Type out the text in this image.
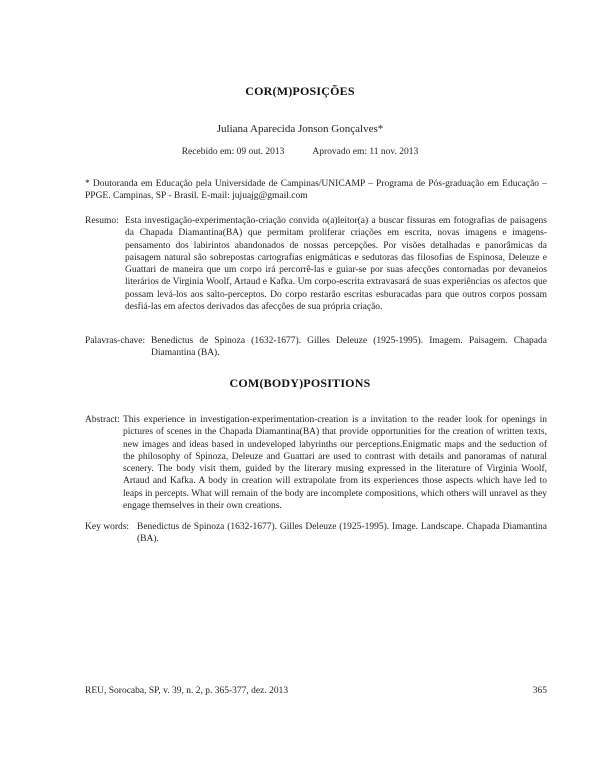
COR(M)POSIÇÕES
Juliana Aparecida Jonson Gonçalves*
Recebido em: 09 out. 2013	Aprovado em: 11 nov. 2013
* Doutoranda em Educação pela Universidade de Campinas/UNICAMP – Programa de Pós-graduação em Educação – PPGE. Campinas, SP - Brasil. E-mail: jujuajg@gmail.com
Resumo: Esta investigação-experimentação-criação convida o(a)leitor(a) a buscar fissuras em fotografias de paisagens da Chapada Diamantina(BA) que permitam proliferar criações em escrita, novas imagens e imagens-pensamento dos labirintos abandonados de nossas percepções. Por visões detalhadas e panorâmicas da paisagem natural são sobrepostas cartografias enigmáticas e sedutoras das filosofias de Espinosa, Deleuze e Guattari de maneira que um corpo irá percorrê-las e guiar-se por suas afecções contornadas por devaneios literários de Virginia Woolf, Artaud e Kafka. Um corpo-escrita extravasará de suas experiências os afectos que possam levá-los aos salto-perceptos. Do corpo restarão escritas esburacadas para que outros corpos possam desfiá-las em afectos derivados das afecções de sua própria criação.
Palavras-chave: Benedictus de Spinoza (1632-1677). Gilles Deleuze (1925-1995). Imagem. Paisagem. Chapada Diamantina (BA).
COM(BODY)POSITIONS
Abstract: This experience in investigation-experimentation-creation is a invitation to the reader look for openings in pictures of scenes in the Chapada Diamantina(BA) that provide opportunities for the creation of written texts, new images and ideas based in undeveloped labyrinths our perceptions.Enigmatic maps and the seduction of the philosophy of Spinoza, Deleuze and Guattari are used to contrast with details and panoramas of natural scenery. The body visit them, guided by the literary musing expressed in the literature of Virginia Woolf, Artaud and Kafka. A body in creation will extrapolate from its experiences those aspects which have led to leaps in percepts. What will remain of the body are incomplete compositions, which others will unravel as they engage themselves in their own creations.
Key words: Benedictus de Spinoza (1632-1677). Gilles Deleuze (1925-1995). Image. Landscape. Chapada Diamantina (BA).
REU, Sorocaba, SP, v. 39, n. 2, p. 365-377, dez. 2013	365
